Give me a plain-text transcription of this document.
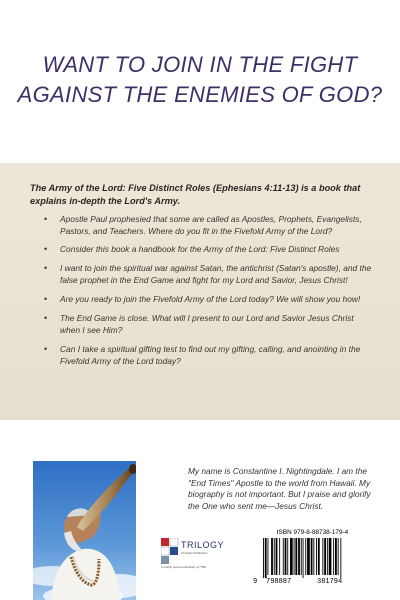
WANT TO JOIN IN THE FIGHT
AGAINST THE ENEMIES OF GOD?
The Army of the Lord: Five Distinct Roles (Ephesians 4:11-13) is a book that explains in-depth the Lord's Army.
• Apostle Paul prophesied that some are called as Apostles, Prophets, Evangelists, Pastors, and Teachers. Where do you fit in the Fivefold Army of the Lord?
• Consider this book a handbook for the Army of the Lord: Five Distinct Roles
• I want to join the spiritual war against Satan, the antichrist (Satan's apostle), and the false prophet in the End Game and fight for my Lord and Savior, Jesus Christ!
• Are you ready to join the Fivefold Army of the Lord today? We will show you how!
• The End Game is close. What will I present to our Lord and Savior Jesus Christ when I see Him?
• Can I take a spiritual gifting test to find out my gifting, calling, and anointing in the Fivefold Army of the Lord today?
TRILOGY
Christian Publishers
A wholly owned subsidiary of TBN
My name is Constantine I. Nightingdale. I am the "End Times" Apostle to the world from Hawaii. My biography is not important. But I praise and glorify the One who sent me—Jesus Christ.
ISBN 979-8-88738-179-4
9 798887	381794
